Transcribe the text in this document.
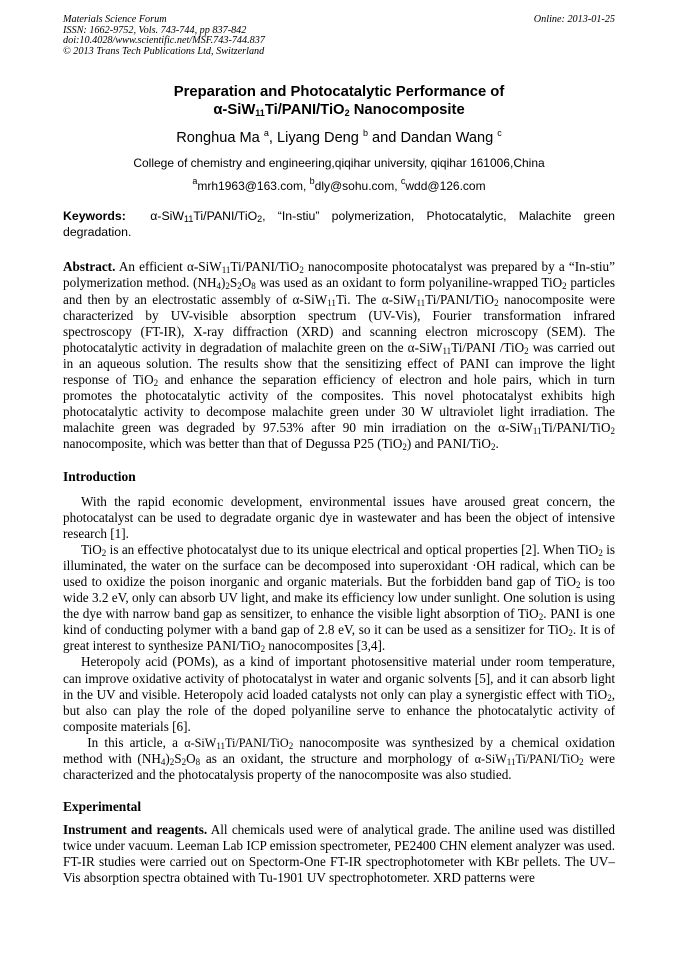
Materials Science Forum	Online: 2013-01-25
ISSN: 1662-9752, Vols. 743-744, pp 837-842
doi:10.4028/www.scientific.net/MSF.743-744.837
© 2013 Trans Tech Publications Ltd, Switzerland
Preparation and Photocatalytic Performance of
α-SiW$_{11}$Ti/PANI/TiO$_2$ Nanocomposite
Ronghua Ma $^a$, Liyang Deng $^b$ and Dandan Wang $^c$
College of chemistry and engineering,qiqihar university, qiqihar 161006,China
$^a$mrh1963@163.com, $^b$dly@sohu.com, $^c$wdd@126.com
Keywords: α-SiW$_{11}$Ti/PANI/TiO$_2$, “In-stiu” polymerization, Photocatalytic, Malachite green degradation.
Abstract. An efficient α-SiW$_{11}$Ti/PANI/TiO$_2$ nanocomposite photocatalyst was prepared by a “In-stiu” polymerization method. $(NH_4)_2S_2O_8$ was used as an oxidant to form polyaniline-wrapped TiO$_2$ particles and then by an electrostatic assembly of α-SiW$_{11}$Ti. The α-SiW$_{11}$Ti/PANI/TiO$_2$ nanocomposite were characterized by UV-visible absorption spectrum (UV-Vis), Fourier transformation infrared spectroscopy (FT-IR), X-ray diffraction (XRD) and scanning electron microscopy (SEM). The photocatalytic activity in degradation of malachite green on the α-SiW$_{11}$Ti/PANI /TiO$_2$ was carried out in an aqueous solution. The results show that the sensitizing effect of PANI can improve the light response of TiO$_2$ and enhance the separation efficiency of electron and hole pairs, which in turn promotes the photocatalytic activity of the composites. This novel photocatalyst exhibits high photocatalytic activity to decompose malachite green under 30 W ultraviolet light irradiation. The malachite green was degraded by 97.53% after 90 min irradiation on the α-SiW$_{11}$Ti/PANI/TiO$_2$ nanocomposite, which was better than that of Degussa P25 (TiO$_2$) and PANI/TiO$_2$.
Introduction
With the rapid economic development, environmental issues have aroused great concern, the photocatalyst can be used to degradate organic dye in wastewater and has been the object of intensive research [1].
TiO$_2$ is an effective photocatalyst due to its unique electrical and optical properties [2]. When TiO$_2$ is illuminated, the water on the surface can be decomposed into superoxidant ·OH radical, which can be used to oxidize the poison inorganic and organic materials. But the forbidden band gap of TiO$_2$ is too wide 3.2 eV, only can absorb UV light, and make its efficiency low under sunlight. One solution is using the dye with narrow band gap as sensitizer, to enhance the visible light absorption of TiO$_2$. PANI is one kind of conducting polymer with a band gap of 2.8 eV, so it can be used as a sensitizer for TiO$_2$. It is of great interest to synthesize PANI/TiO$_2$ nanocomposites [3,4].
Heteropoly acid (POMs), as a kind of important photosensitive material under room temperature, can improve oxidative activity of photocatalyst in water and organic solvents [5], and it can absorb light in the UV and visible. Heteropoly acid loaded catalysts not only can play a synergistic effect with TiO$_2$, but also can play the role of the doped polyaniline serve to enhance the photocatalytic activity of composite materials [6].
In this article, a α-SiW$_{11}$Ti/PANI/TiO$_2$ nanocomposite was synthesized by a chemical oxidation method with $(NH_4)_2S_2O_8$ as an oxidant, the structure and morphology of α-SiW$_{11}$Ti/PANI/TiO$_2$ were characterized and the photocatalysis property of the nanocomposite was also studied.
Experimental
Instrument and reagents. All chemicals used were of analytical grade. The aniline used was distilled twice under vacuum. Leeman Lab ICP emission spectrometer, PE2400 CHN element analyzer was used. FT-IR studies were carried out on Spectorm-One FT-IR spectrophotometer with KBr pellets. The UV–Vis absorption spectra obtained with Tu-1901 UV spectrophotometer. XRD patterns were
